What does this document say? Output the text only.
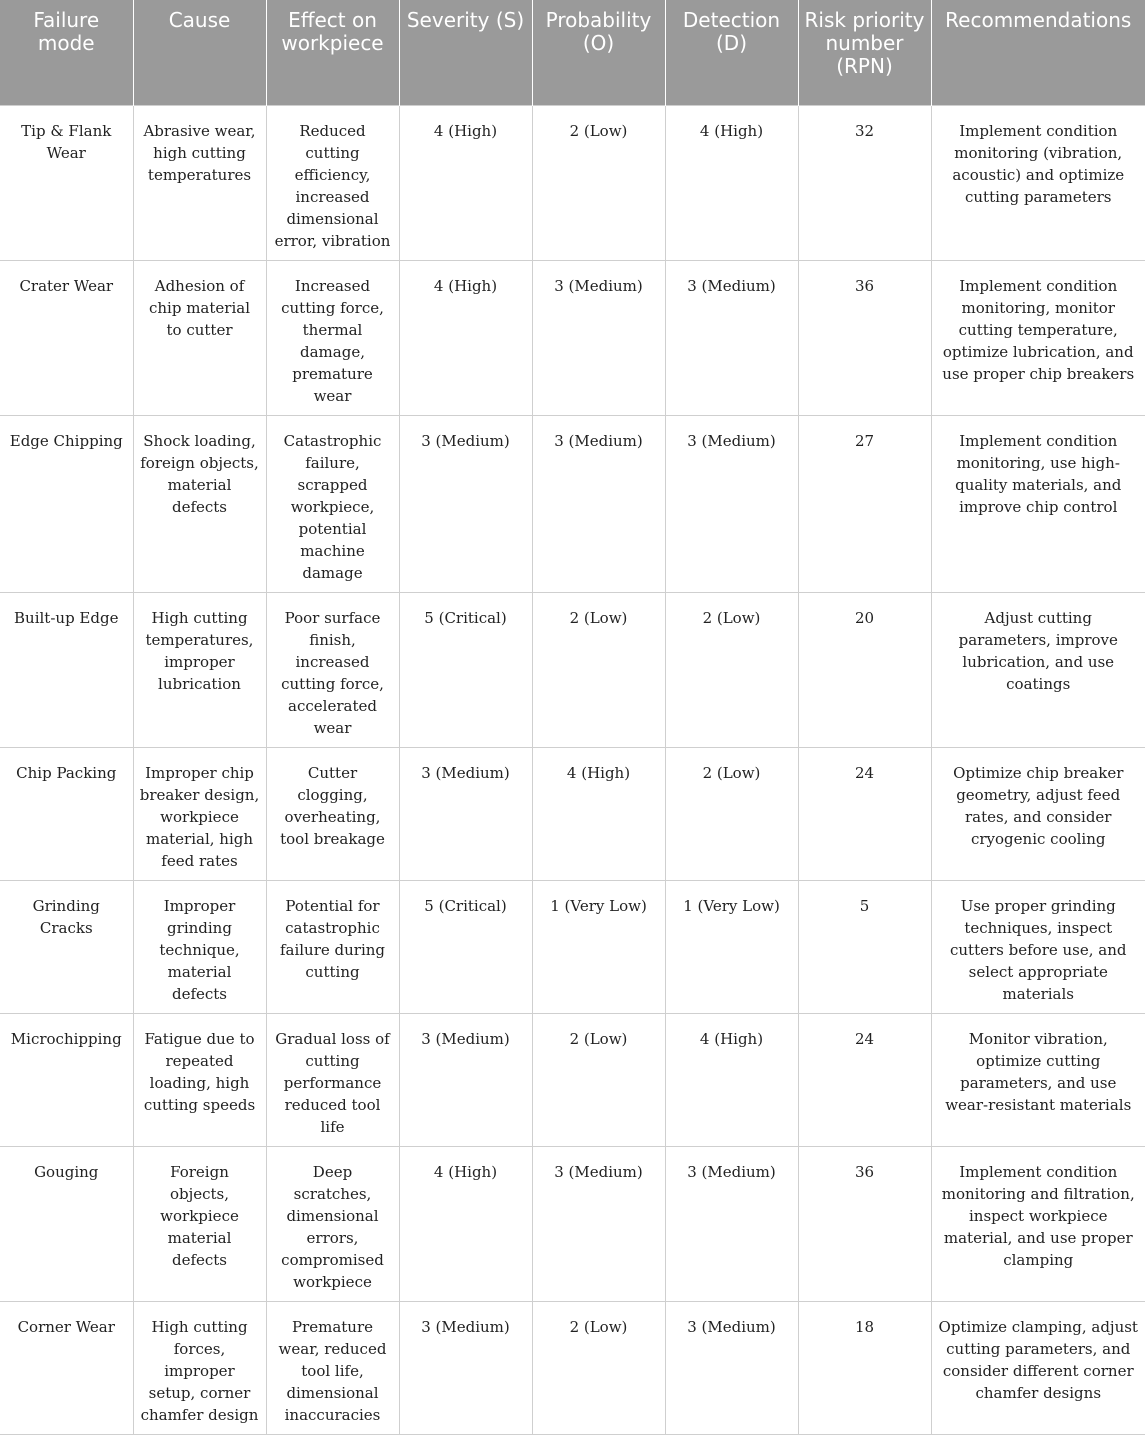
Failure mode	Cause	Effect on workpiece	Severity (S)	Probability (O)	Detection (D)	Risk priority number (RPN)	Recommendations
Tip & Flank Wear	Abrasive wear, high cutting temperatures	Reduced cutting efficiency, increased dimensional error, vibration	4 (High)	2 (Low)	4 (High)	32	Implement condition monitoring (vibration, acoustic) and optimize cutting parameters
Crater Wear	Adhesion of chip material to cutter	Increased cutting force, thermal damage, premature wear	4 (High)	3 (Medium)	3 (Medium)	36	Implement condition monitoring, monitor cutting temperature, optimize lubrication, and use proper chip breakers
Edge Chipping	Shock loading, foreign objects, material defects	Catastrophic failure, scrapped workpiece, potential machine damage	3 (Medium)	3 (Medium)	3 (Medium)	27	Implement condition monitoring, use high-quality materials, and improve chip control
Built-up Edge	High cutting temperatures, improper lubrication	Poor surface finish, increased cutting force, accelerated wear	5 (Critical)	2 (Low)	2 (Low)	20	Adjust cutting parameters, improve lubrication, and use coatings
Chip Packing	Improper chip breaker design, workpiece material, high feed rates	Cutter clogging, overheating, tool breakage	3 (Medium)	4 (High)	2 (Low)	24	Optimize chip breaker geometry, adjust feed rates, and consider cryogenic cooling
Grinding Cracks	Improper grinding technique, material defects	Potential for catastrophic failure during cutting	5 (Critical)	1 (Very Low)	1 (Very Low)	5	Use proper grinding techniques, inspect cutters before use, and select appropriate materials
Microchipping	Fatigue due to repeated loading, high cutting speeds	Gradual loss of cutting performance reduced tool life	3 (Medium)	2 (Low)	4 (High)	24	Monitor vibration, optimize cutting parameters, and use wear-resistant materials
Gouging	Foreign objects, workpiece material defects	Deep scratches, dimensional errors, compromised workpiece	4 (High)	3 (Medium)	3 (Medium)	36	Implement condition monitoring and filtration, inspect workpiece material, and use proper clamping
Corner Wear	High cutting forces, improper setup, corner chamfer design	Premature wear, reduced tool life, dimensional inaccuracies	3 (Medium)	2 (Low)	3 (Medium)	18	Optimize clamping, adjust cutting parameters, and consider different corner chamfer designs
